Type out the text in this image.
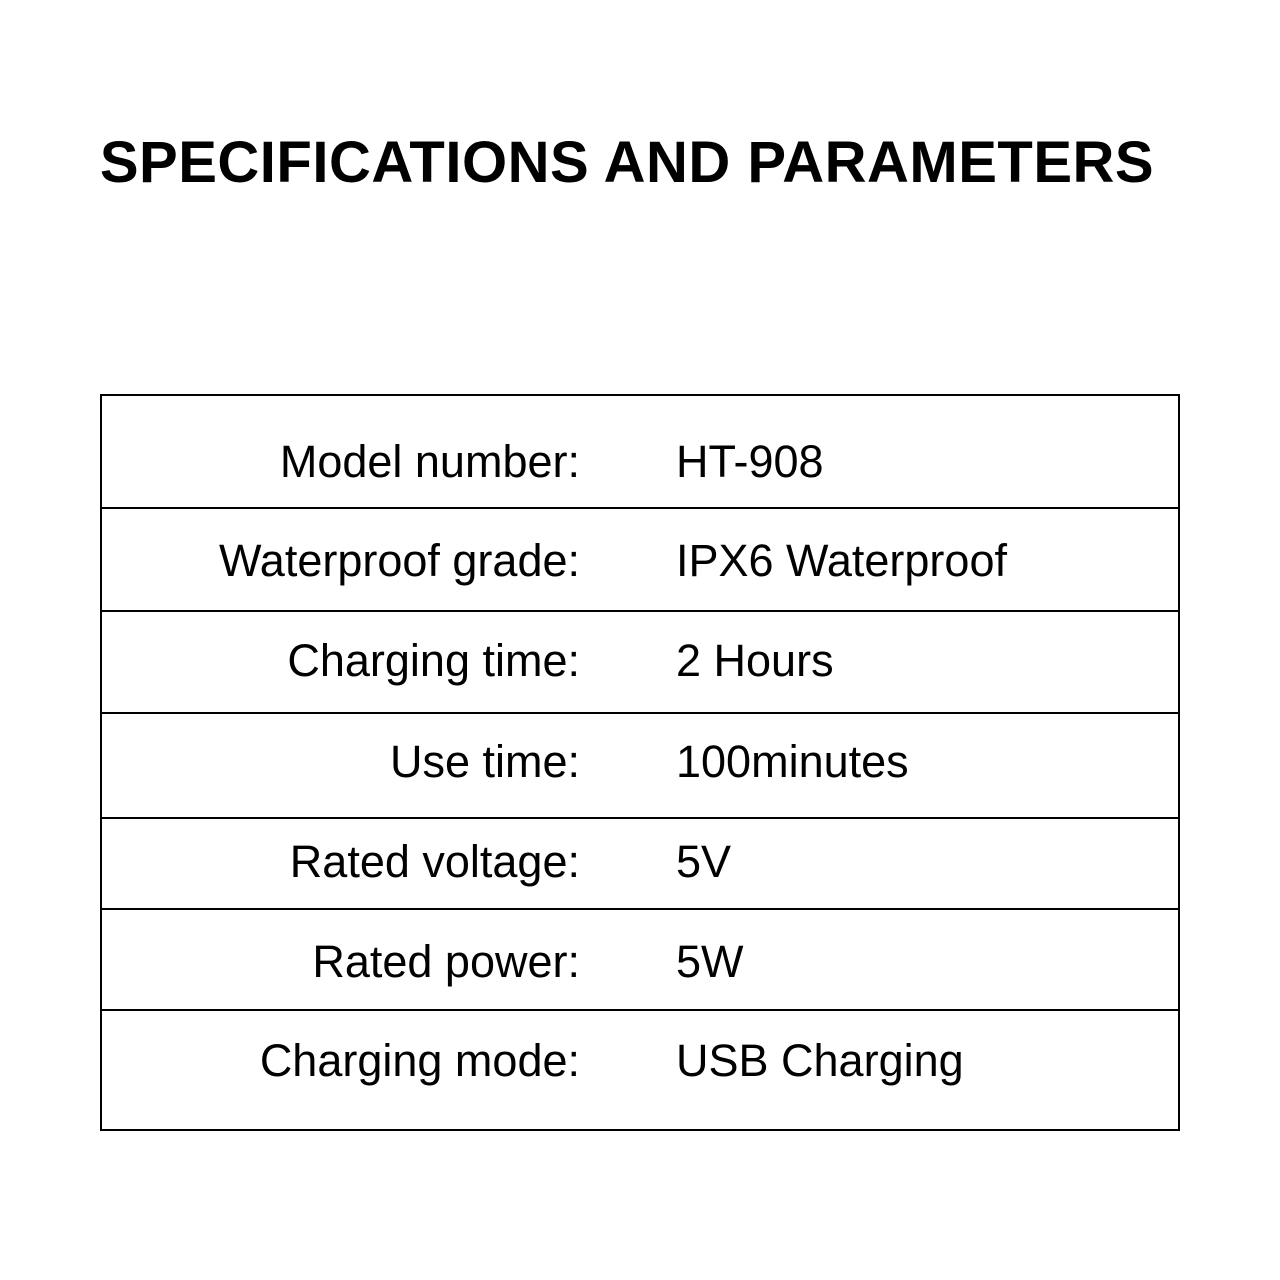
SPECIFICATIONS AND PARAMETERS
Model number: HT-908
Waterproof grade: IPX6 Waterproof
Charging time: 2 Hours
Use time: 100minutes
Rated voltage: 5V
Rated power: 5W
Charging mode: USB Charging
